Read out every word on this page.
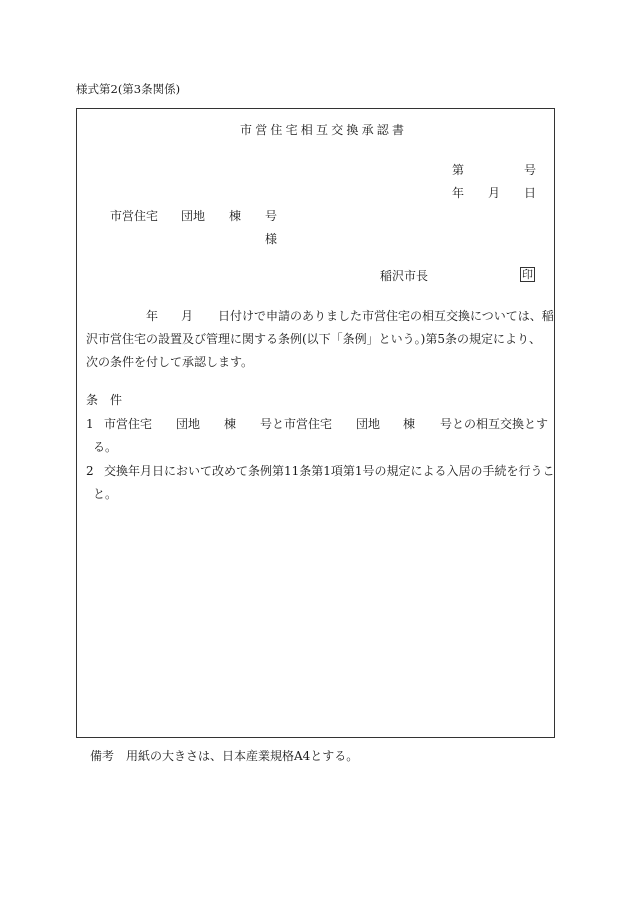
様式第2(第3条関係)
市営住宅相互交換承認書
第	号
年 月 日
市営住宅 団地 棟 号
様
稲沢市長	印
年 月 日付けで申請のありました市営住宅の相互交換については、稲
沢市営住宅の設置及び管理に関する条例(以下「条例」という。)第5条の規定により、
次の条件を付して承認します。
条　件
1 市営住宅 団地 棟 号と市営住宅 団地 棟 号との相互交換とす
る。
2 交換年月日において改めて条例第11条第1項第1号の規定による入居の手続を行うこ
と。
備考　用紙の大きさは、日本産業規格A4とする。
